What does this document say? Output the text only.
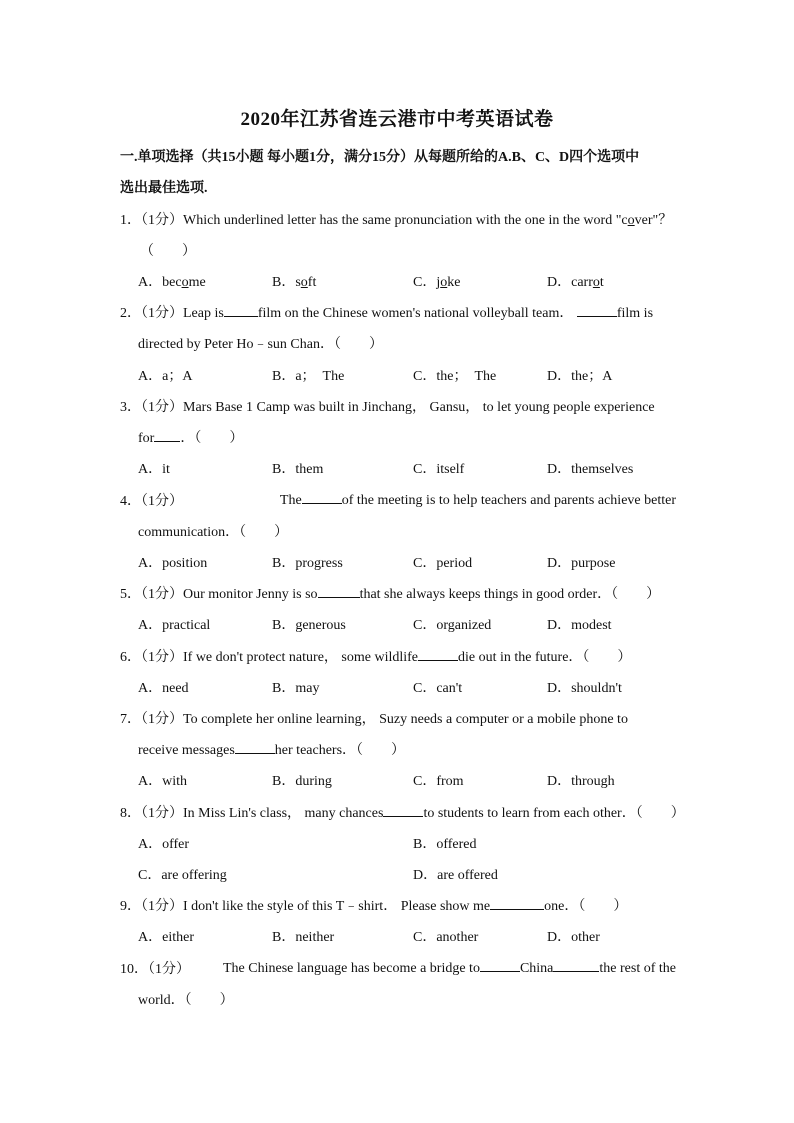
2020年江苏省连云港市中考英语试卷
一.单项选择（共15小题 每小题1分，满分15分）从每题所给的A.B、C、D四个选项中
选出最佳选项.
1．（1分）Which underlined letter has the same pronunciation with the one in the word "cover"？
（　　）
A．become	B．soft	C．joke	D．carrot
2．（1分）Leap is film on the Chinese women's national volleyball team．	film is
directed by Peter Ho﹣sun Chan．（　　）
A．a；A	B．a；　The	C．the；　The	D．the；A
3．（1分）Mars Base 1 Camp was built in Jinchang， Gansu， to let young people experience
for ．（　　）
A．it	B．them	C．itself	D．themselves
4．（1分）	The	of the meeting is to help teachers and parents achieve better
communication．（　　）
A．position	B．progress	C．period	D．purpose
5．（1分）Our monitor Jenny is so	that she always keeps things in good order．（　　）
A．practical	B．generous	C．organized	D．modest
6．（1分）If we don't protect nature， some wildlife	die out in the future．（　　）
A．need	B．may	C．can't	D．shouldn't
7．（1分）To complete her online learning， Suzy needs a computer or a mobile phone to
receive messages	her teachers．（　　）
A．with	B．during	C．from	D．through
8．（1分）In Miss Lin's class， many chances	to students to learn from each other．（　　）
A．offer	B．offered
C．are offering	D．are offered
9．（1分）I don't like the style of this T﹣shirt． Please show me	one．（　　）
A．either	B．neither	C．another	D．other
10．（1分） The Chinese language has become a bridge to	China	the rest of the
world．（　　）
